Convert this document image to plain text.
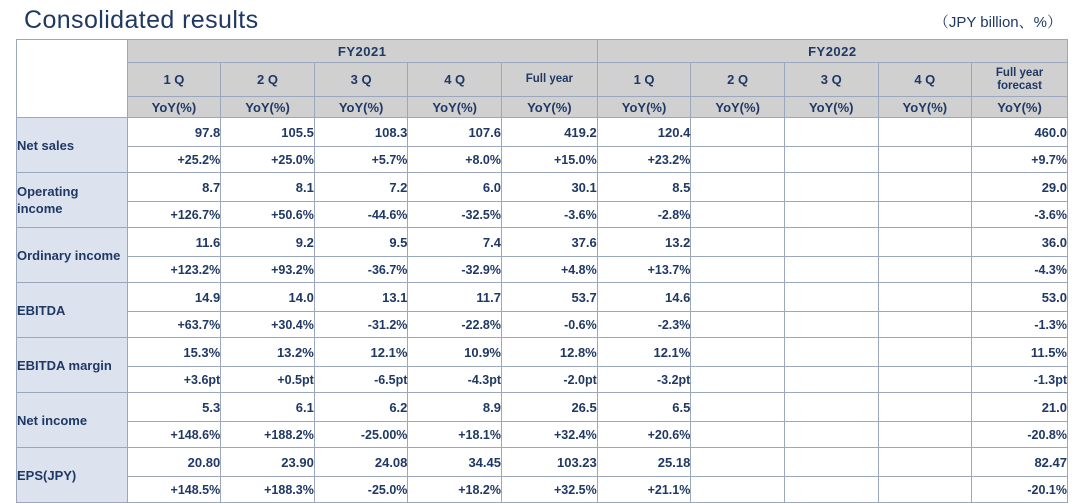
Consolidated results	（JPY billion、%）
	FY2021					FY2022				
	1 Q	2 Q	3 Q	4 Q	Full year	1 Q	2 Q	3 Q	4 Q	Full year forecast
	YoY(%)	YoY(%)	YoY(%)	YoY(%)	YoY(%)	YoY(%)	YoY(%)	YoY(%)	YoY(%)	YoY(%)
Net sales	97.8	105.5	108.3	107.6	419.2	120.4				460.0
	+25.2%	+25.0%	+5.7%	+8.0%	+15.0%	+23.2%				+9.7%
Operating income	8.7	8.1	7.2	6.0	30.1	8.5				29.0
	+126.7%	+50.6%	-44.6%	-32.5%	-3.6%	-2.8%				-3.6%
Ordinary income	11.6	9.2	9.5	7.4	37.6	13.2				36.0
	+123.2%	+93.2%	-36.7%	-32.9%	+4.8%	+13.7%				-4.3%
EBITDA	14.9	14.0	13.1	11.7	53.7	14.6				53.0
	+63.7%	+30.4%	-31.2%	-22.8%	-0.6%	-2.3%				-1.3%
EBITDA margin	15.3%	13.2%	12.1%	10.9%	12.8%	12.1%				11.5%
	+3.6pt	+0.5pt	-6.5pt	-4.3pt	-2.0pt	-3.2pt				-1.3pt
Net income	5.3	6.1	6.2	8.9	26.5	6.5				21.0
	+148.6%	+188.2%	-25.00%	+18.1%	+32.4%	+20.6%				-20.8%
EPS(JPY)	20.80	23.90	24.08	34.45	103.23	25.18				82.47
	+148.5%	+188.3%	-25.0%	+18.2%	+32.5%	+21.1%				-20.1%
